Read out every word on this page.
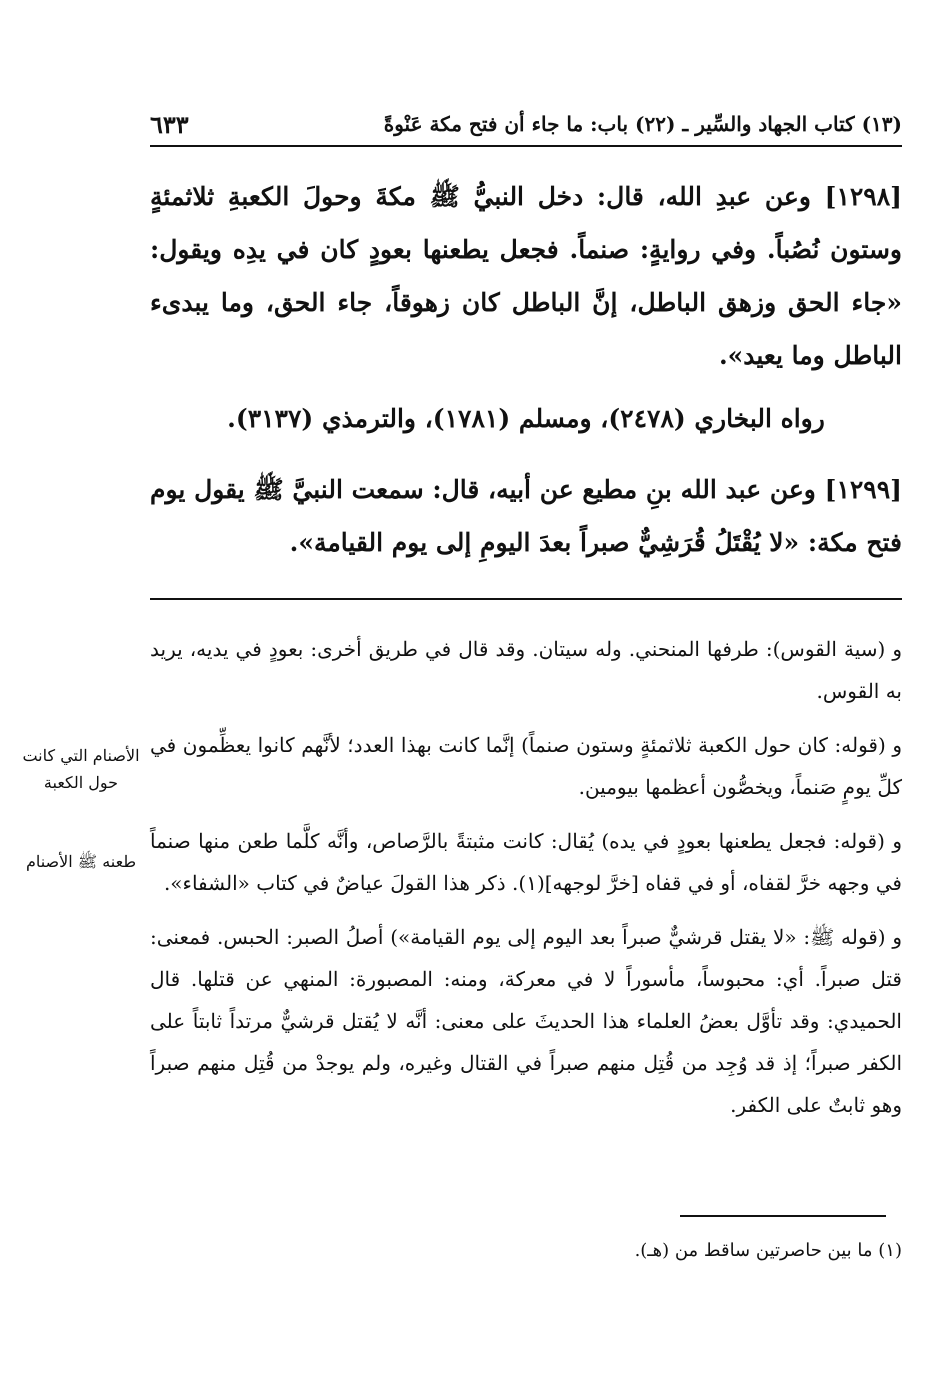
(١٣) كتاب الجهاد والسِّير ـ (٢٢) باب: ما جاء أن فتح مكة عَنْوةً
٦٣٣

[١٢٩٨] وعن عبدِ الله، قال: دخل النبيُّ ﷺ مكةَ وحولَ الكعبةِ ثلاثمئةٍ وستون نُصُباً. وفي روايةٍ: صنماً. فجعل يطعنها بعودٍ كان في يدِه ويقول: «جاء الحق وزهق الباطل، إنَّ الباطل كان زهوقاً، جاء الحق، وما يبدىء الباطل وما يعيد».

رواه البخاري (٢٤٧٨)، ومسلم (١٧٨١)، والترمذي (٣١٣٧).

[١٢٩٩] وعن عبد الله بنِ مطيع عن أبيه، قال: سمعت النبيَّ ﷺ يقول يوم فتح مكة: «لا يُقْتَلُ قُرَشِيٌّ صبراً بعدَ اليومِ إلى يوم القيامة».

و (سية القوس): طرفها المنحني. وله سيتان. وقد قال في طريق أخرى: بعودٍ في يديه، يريد به القوس.

و (قوله: كان حول الكعبة ثلاثمئةٍ وستون صنماً) إنَّما كانت بهذا العدد؛ لأنَّهم كانوا يعظِّمون في كلِّ يومٍ صَنماً، ويخصُّون أعظمها بيومين.

و (قوله: فجعل يطعنها بعودٍ في يده) يُقال: كانت مثبتةً بالرَّصاص، وأنَّه كلَّما طعن منها صنماً في وجهه خرَّ لقفاه، أو في قفاه [خرَّ لوجهه](١). ذكر هذا القولَ عياضٌ في كتاب «الشفاء».

و (قوله ﷺ: «لا يقتل قرشيٌّ صبراً بعد اليوم إلى يوم القيامة») أصلُ الصبر: الحبس. فمعنى: قتل صبراً. أي: محبوساً، مأسوراً لا في معركة، ومنه: المصبورة: المنهي عن قتلها. قال الحميدي: وقد تأوَّل بعضُ العلماء هذا الحديثَ على معنى: أنَّه لا يُقتل قرشيٌّ مرتداً ثابتاً على الكفر صبراً؛ إذ قد وُجِد من قُتِل منهم صبراً في القتال وغيره، ولم يوجدْ من قُتِل منهم صبراً وهو ثابتٌ على الكفر.

الأصنام التي كانت حول الكعبة
طعنه ﷺ الأصنام
(١) ما بين حاصرتين ساقط من (هـ).
